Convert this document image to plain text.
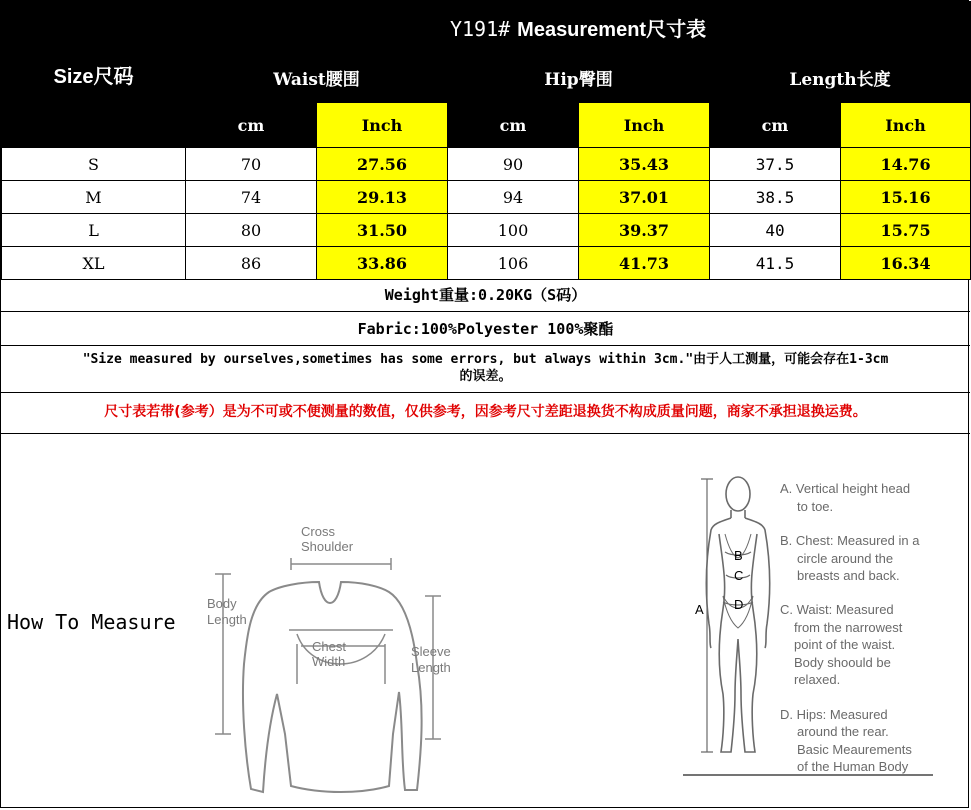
Size尺码	Y191# Measurement尺寸表					
	Waist腰围		Hip臀围		Length长度	
	cm	Inch	cm	Inch	cm	Inch
S	70	27.56	90	35.43	37.5	14.76
M	74	29.13	94	37.01	38.5	15.16
L	80	31.50	100	39.37	40	15.75
XL	86	33.86	106	41.73	41.5	16.34
Weight重量:0.20KG（S码）
Fabric:100%Polyester 100%聚酯
"Size measured by ourselves,sometimes has some errors, but always within 3cm."由于人工测量，可能会存在1-3cm
的误差。
尺寸表若带(参考）是为不可或不便测量的数值，仅供参考，因参考尺寸差距退换货不构成质量问题，商家不承担退换运费。
How To Measure
Cross
Shoulder
Body
Length
Chest
Width
Sleeve
Length
A
B
C
D
A. Vertical height head
to toe.
B. Chest: Measured in a
circle around the
breasts and back.
C. Waist: Measured
from the narrowest
point of the waist.
Body shoould be
relaxed.
D. Hips: Measured
around the rear.
Basic Meaurements
of the Human Body
